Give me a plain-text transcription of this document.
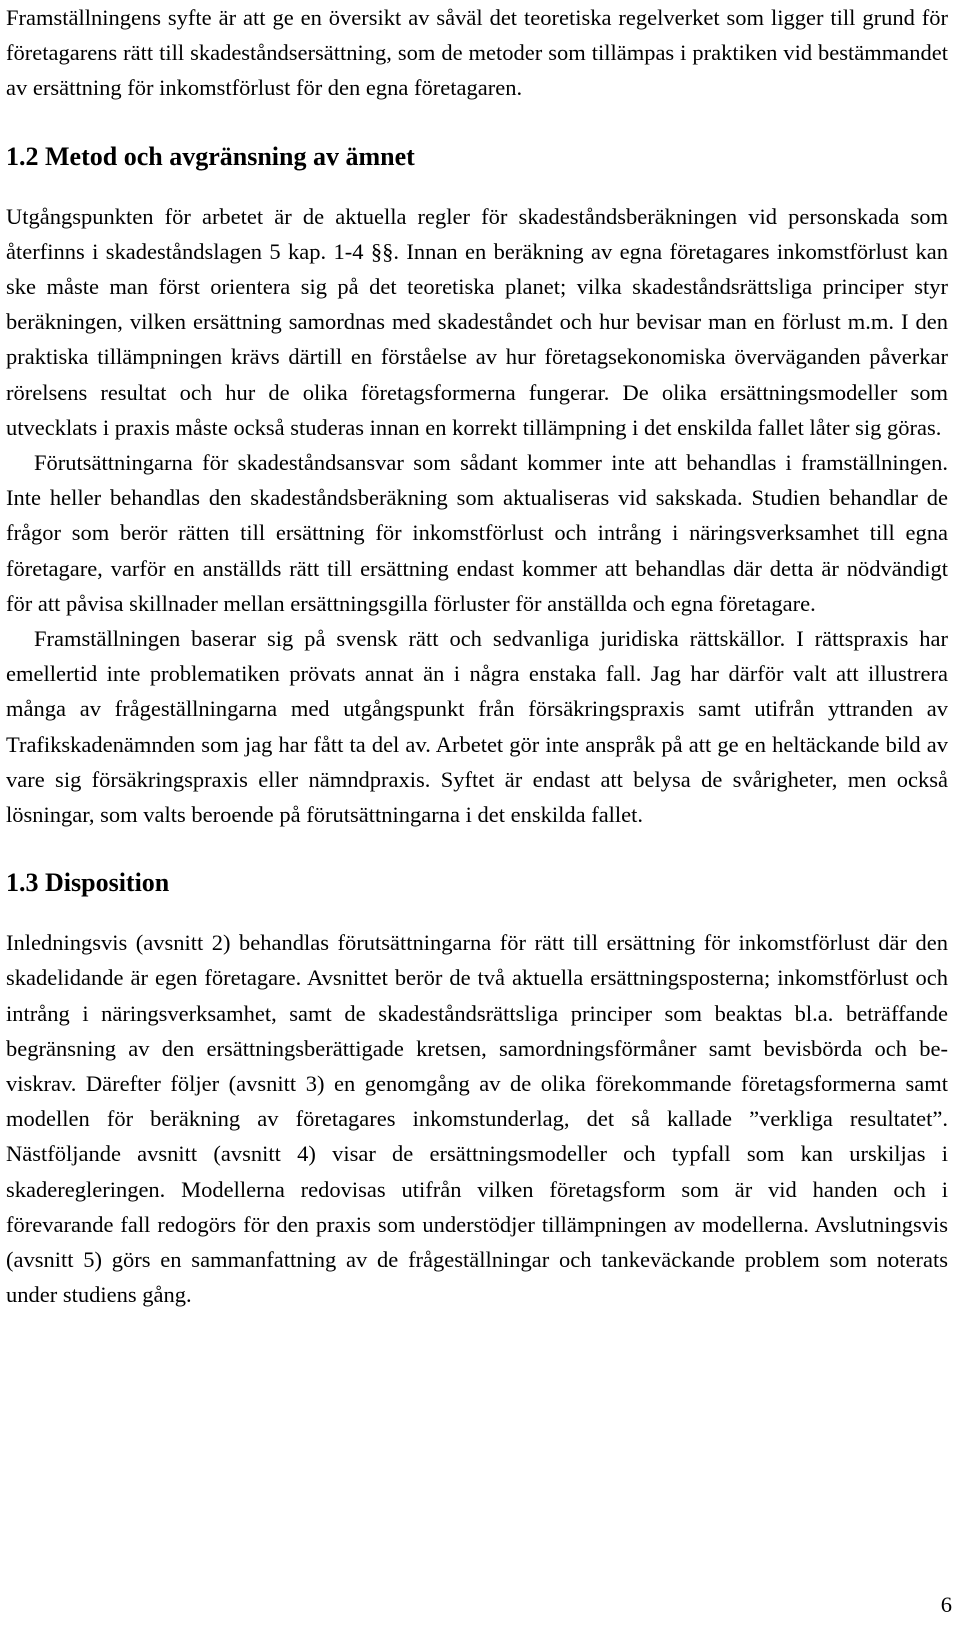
Framställningens syfte är att ge en översikt av såväl det teoretiska regelverket som ligger till grund för företagarens rätt till skadeståndsersättning, som de metoder som tillämpas i praktiken vid bestämmandet av ersättning för inkomstförlust för den egna företagaren.

1.2 Metod och avgränsning av ämnet

Utgångspunkten för arbetet är de aktuella regler för skadeståndsberäkningen vid personskada som återfinns i skadeståndslagen 5 kap. 1-4 §§. Innan en beräkning av egna företagares inkomstförlust kan ske måste man först orientera sig på det teoretiska planet; vilka skadeståndsrättsliga principer styr beräkningen, vilken ersättning samordnas med skadeståndet och hur bevisar man en förlust m.m. I den praktiska tillämpningen krävs därtill en förståelse av hur företagsekonomiska överväganden påverkar rörelsens resultat och hur de olika företagsformerna fungerar. De olika ersättningsmodeller som utvecklats i praxis måste också studeras innan en korrekt tillämpning i det enskilda fallet låter sig göras.

Förutsättningarna för skadeståndsansvar som sådant kommer inte att behandlas i framställningen. Inte heller behandlas den skadeståndsberäkning som aktualiseras vid sakskada. Studien behandlar de frågor som berör rätten till ersättning för inkomstförlust och intrång i näringsverksamhet till egna företagare, varför en anställds rätt till ersättning endast kommer att behandlas där detta är nödvändigt för att påvisa skillnader mellan ersättningsgilla förluster för anställda och egna företagare.

Framställningen baserar sig på svensk rätt och sedvanliga juridiska rättskällor. I rättspraxis har emellertid inte problematiken prövats annat än i några enstaka fall. Jag har därför valt att illustrera många av frågeställningarna med utgångspunkt från försäkringspraxis samt utifrån yttranden av Trafikskadenämnden som jag har fått ta del av. Arbetet gör inte anspråk på att ge en heltäckande bild av vare sig försäkringspraxis eller nämndpraxis. Syftet är endast att belysa de svårigheter, men också lösningar, som valts beroende på förutsättningarna i det enskilda fallet.

1.3 Disposition

Inledningsvis (avsnitt 2) behandlas förutsättningarna för rätt till ersättning för inkomstförlust där den skadelidande är egen företagare. Avsnittet berör de två aktuella ersättningsposterna; inkomstförlust och intrång i näringsverksamhet, samt de skadeståndsrättsliga principer som beaktas bl.a. beträffande begränsning av den ersättningsberättigade kretsen, samordningsförmåner samt bevisbörda och beviskrav. Därefter följer (avsnitt 3) en genomgång av de olika förekommande företagsformerna samt modellen för beräkning av företagares inkomstunderlag, det så kallade ”verkliga resultatet”. Nästföljande avsnitt (avsnitt 4) visar de ersättningsmodeller och typfall som kan urskiljas i skaderegleringen. Modellerna redovisas utifrån vilken företagsform som är vid handen och i förevarande fall redogörs för den praxis som understödjer tillämpningen av modellerna. Avslutningsvis (avsnitt 5) görs en sammanfattning av de frågeställningar och tankeväckande problem som noterats under studiens gång.

6
